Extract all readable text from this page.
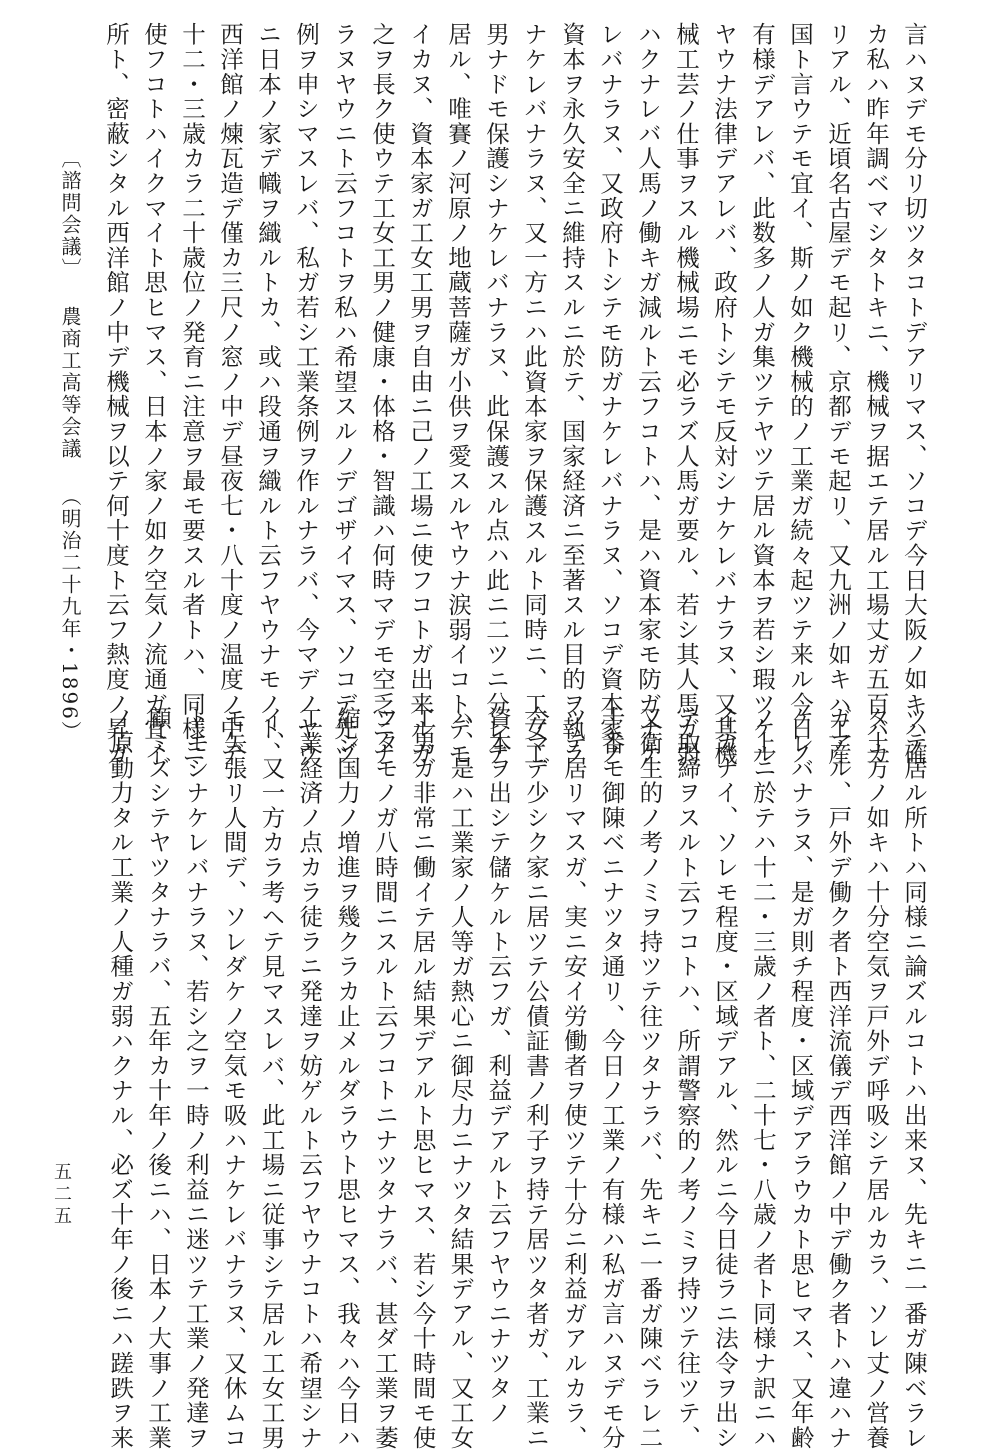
言ハヌデモ分リ切ツタコトデアリマス、ソコデ今日大阪ノ如キハ確
カ私ハ昨年調ベマシタトキニ、機械ヲ据エテ居ル工場丈ガ五百バカ
リアル、近頃名古屋デモ起リ、京都デモ起リ、又九洲ノ如キハ工産
国ト言ウテモ宜イ、斯ノ如ク機械的ノ工業ガ続々起ツテ来ル今日ノ
有様デアレバ、此数多ノ人ガ集ツテヤツテ居ル資本ヲ若シ瑕ツケル
ヤウナ法律デアレバ、政府トシテモ反対シナケレバナラヌ、又其機
械工芸ノ仕事ヲスル機械場ニモ必ラズ人馬ガ要ル、若シ其人馬ガ弱
ハクナレバ人馬ノ働キガ減ルト云フコトハ、是ハ資本家モ防ガナケ
レバナラヌ、又政府トシテモ防ガナケレバナラヌ、ソコデ資本家ノ
資本ヲ永久安全ニ維持スルニ於テ、国家経済ニ至著スル目的ヲ執ラ
ナケレバナラヌ、又一方ニハ此資本家ヲ保護スルト同時ニ、工女工
男ナドモ保護シナケレバナラヌ、此保護スル点ハ此ニ二ツニ分レテ
居ル、唯賽ノ河原ノ地蔵菩薩ガ小供ヲ愛スルヤウナ涙弱イコトデモ
イカヌ、資本家ガ工女工男ヲ自由ニ己ノ工場ニ使フコトガ出来ルガ
之ヲ長ク使ウテ工女工男ノ健康・体格・智識ハ何時マデモ空乏ニナ
ラヌヤウニト云フコトヲ私ハ希望スルノデゴザイマス、ソコデ先ヅ
例ヲ申シマスレバ、私ガ若シ工業条例ヲ作ルナラバ、今マデノヤウ
ニ日本ノ家デ幟ヲ織ルトカ、或ハ段通ヲ織ルト云フヤウナモノト、
西洋館ノ煉瓦造デ僅カ三尺ノ窓ノ中デ昼夜七・八十度ノ温度ノ中デ
十二・三歳カラ二十歳位ノ発育ニ注意ヲ最モ要スル者トハ、同様ニ
使フコトハイクマイト思ヒマス、日本ノ家ノ如ク空気ノ流通ガ宜イ
所ト、密蔽シタル西洋館ノ中デ機械ヲ以テ何十度ト云フ熱度ノ昇ガ
ツテ居ル所トハ同様ニ論ズルコトハ出来ヌ、先キニ一番ガ陳ベラレ
タ土方ノ如キハ十分空気ヲ戸外デ呼吸シテ居ルカラ、ソレ丈ノ営養
ガアル、戸外デ働ク者ト西洋流儀デ西洋館ノ中デ働ク者トハ違ハナ
ケレバナラヌ、是ガ則チ程度・区域デアラウカト思ヒマス、又年齢
ノ上ニ於テハ十二・三歳ノ者ト、二十七・八歳ノ者ト同様ナ訳ニハ
イカナイ、ソレモ程度・区域デアル、然ルニ今日徒ラニ法令ヲ出シ
テ取締ヲスルト云フコトハ、所謂警察的ノ考ノミヲ持ツテ往ツテ、
又衛生的ノ考ノミヲ持ツテ往ツタナラバ、先キニ一番ガ陳ベラレ二
十番モ御陳ベニナツタ通リ、今日ノ工業ノ有様ハ私ガ言ハヌデモ分
ツテ居リマスガ、実ニ安イ労働者ヲ使ツテ十分ニ利益ガアルカラ、
今マデ少シク家ニ居ツテ公債証書ノ利子ヲ持テ居ツタ者ガ、工業ニ
資本ヲ出シテ儲ケルト云フガ、利益デアルト云フヤウニナツタノ
ハ、是ハ工業家ノ人等ガ熱心ニ御尽力ニナツタ結果デアル、又工女
工男ガ非常ニ働イテ居ル結果デアルト思ヒマス、若シ今十時間モ使
ツタモノガ八時間ニスルト云フコトニナツタナラバ、甚ダ工業ヲ萎
縮シ国力ノ増進ヲ幾クラカ止メルダラウト思ヒマス、我々ハ今日ハ
工業経済ノ点カラ徒ラニ発達ヲ妨ゲルト云フヤウナコトハ希望シナ
イ、又一方カラ考ヘテ見マスレバ、此工場ニ従事シテ居ル工女工男
モ矢張リ人間デ、ソレダケノ空気モ吸ハナケレバナラヌ、又休ムコ
トモシナケレバナラヌ、若シ之ヲ一時ノ利益ニ迷ツテ工業ノ発達ヲ
顧ミズシテヤツタナラバ、五年カ十年ノ後ニハ、日本ノ大事ノ工業
ノ原動力タル工業ノ人種ガ弱ハクナル、必ズ十年ノ後ニハ蹉跌ヲ来
〔諮問会議〕農商工高等会議（明治二十九年・1896）
五二五
